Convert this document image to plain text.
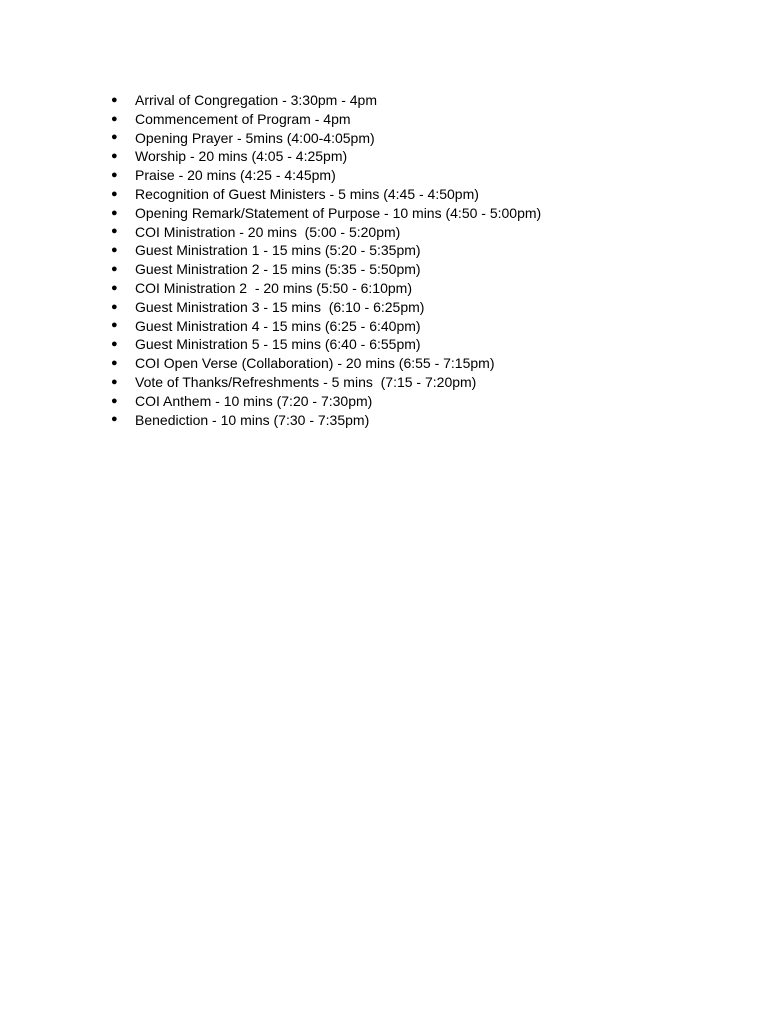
●	Arrival of Congregation - 3:30pm - 4pm
●	Commencement of Program - 4pm
●	Opening Prayer - 5mins (4:00-4:05pm)
●	Worship - 20 mins (4:05 - 4:25pm)
●	Praise - 20 mins (4:25 - 4:45pm)
●	Recognition of Guest Ministers - 5 mins (4:45 - 4:50pm)
●	Opening Remark/Statement of Purpose - 10 mins (4:50 - 5:00pm)
●	COI Ministration - 20 mins  (5:00 - 5:20pm)
●	Guest Ministration 1 - 15 mins (5:20 - 5:35pm)
●	Guest Ministration 2 - 15 mins (5:35 - 5:50pm)
●	COI Ministration 2  - 20 mins (5:50 - 6:10pm)
●	Guest Ministration 3 - 15 mins  (6:10 - 6:25pm)
●	Guest Ministration 4 - 15 mins (6:25 - 6:40pm)
●	Guest Ministration 5 - 15 mins (6:40 - 6:55pm)
●	COI Open Verse (Collaboration) - 20 mins (6:55 - 7:15pm)
●	Vote of Thanks/Refreshments - 5 mins  (7:15 - 7:20pm)
●	COI Anthem - 10 mins (7:20 - 7:30pm)
●	Benediction - 10 mins (7:30 - 7:35pm)
